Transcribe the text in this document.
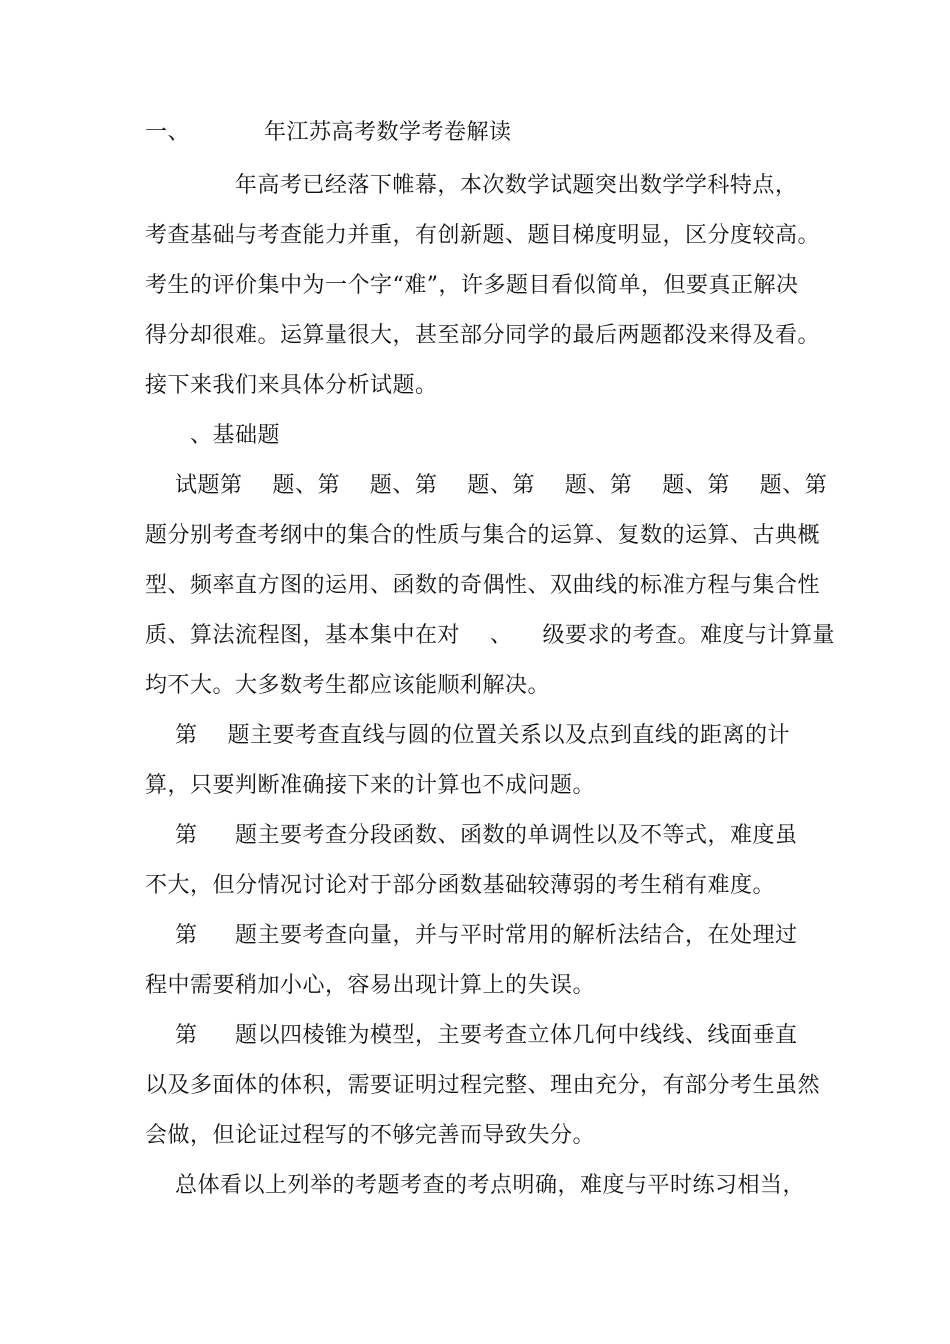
一、	年江苏高考数学考卷解读
年高考已经落下帷幕，本次数学试题突出数学学科特点，
考查基础与考查能力并重，有创新题、题目梯度明显，区分度较高。
考生的评价集中为一个字“难”，许多题目看似简单，但要真正解决
得分却很难。运算量很大，甚至部分同学的最后两题都没来得及看。
接下来我们来具体分析试题。
、基础题
试题第    题、第    题、第    题、第    题、第    题、第    题、第
题分别考查考纲中的集合的性质与集合的运算、复数的运算、古典概
型、频率直方图的运用、函数的奇偶性、双曲线的标准方程与集合性
质、算法流程图，基本集中在对    、    级要求的考查。难度与计算量
均不大。大多数考生都应该能顺利解决。
第    题主要考查直线与圆的位置关系以及点到直线的距离的计
算，只要判断准确接下来的计算也不成问题。
第     题主要考查分段函数、函数的单调性以及不等式，难度虽
不大，但分情况讨论对于部分函数基础较薄弱的考生稍有难度。
第     题主要考查向量，并与平时常用的解析法结合，在处理过
程中需要稍加小心，容易出现计算上的失误。
第     题以四棱锥为模型，主要考查立体几何中线线、线面垂直
以及多面体的体积，需要证明过程完整、理由充分，有部分考生虽然
会做，但论证过程写的不够完善而导致失分。
总体看以上列举的考题考查的考点明确，难度与平时练习相当，
